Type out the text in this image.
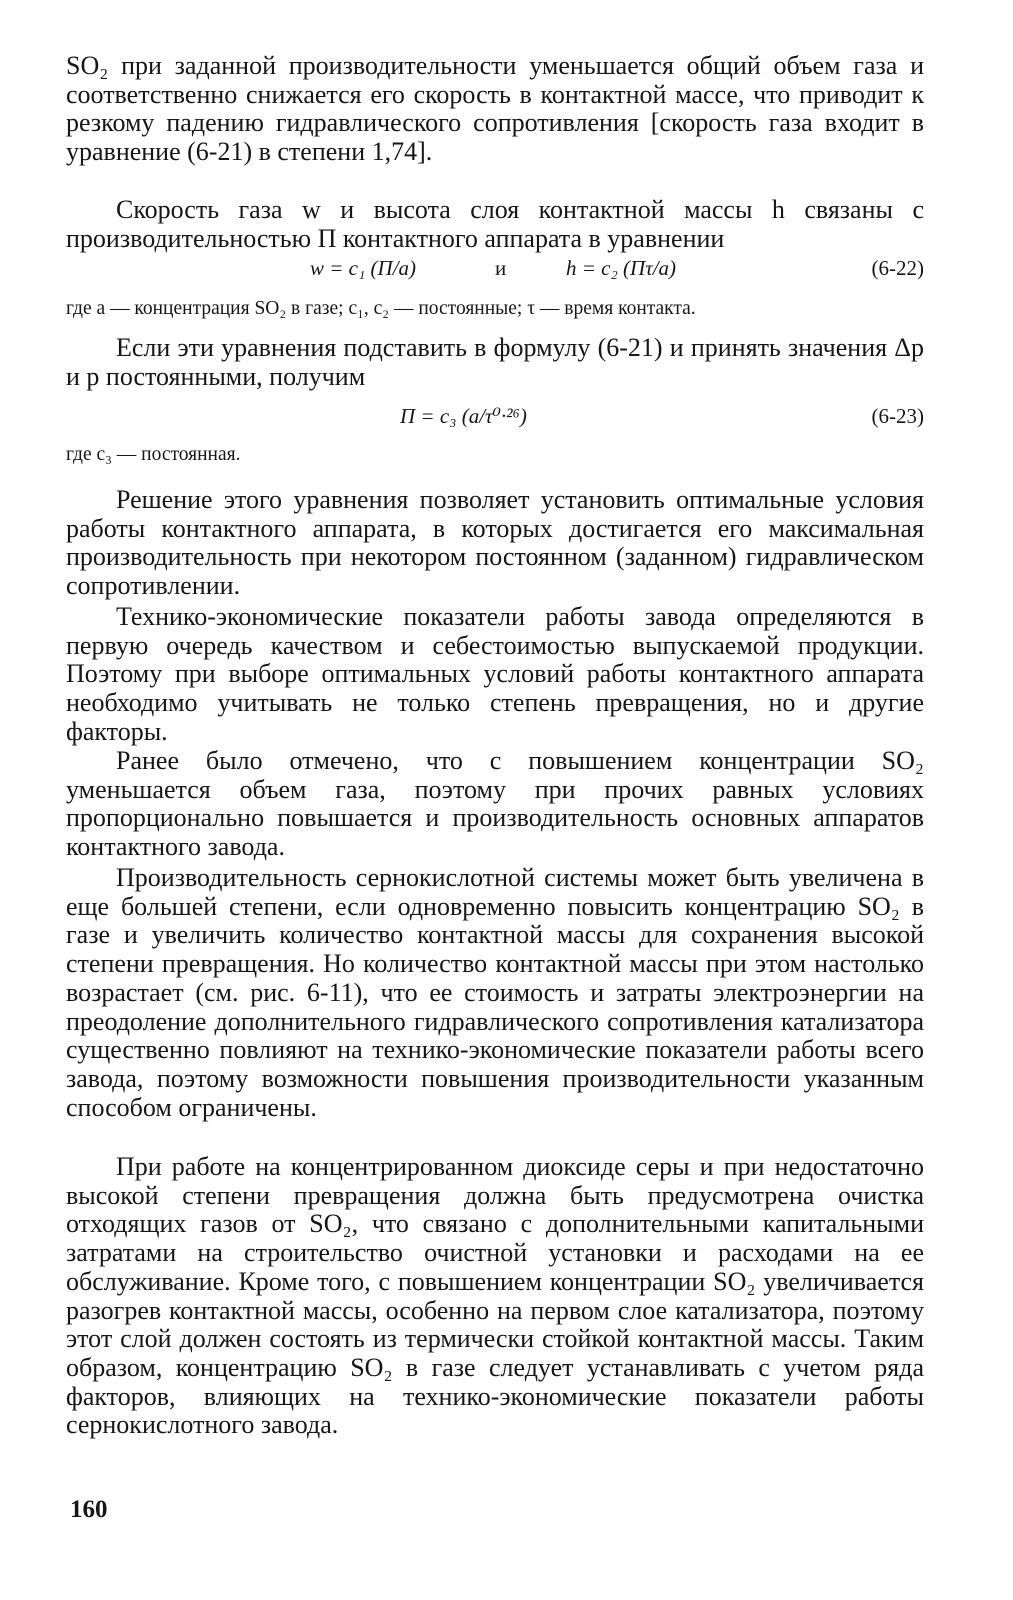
SO₂ при заданной производительности уменьшается общий объем газа и соответственно снижается его скорость в контактной массе, что приводит к резкому падению гидравлического сопротивления [скорость газа входит в уравнение (6-21) в степени 1,74].

Скорость газа w и высота слоя контактной массы h связаны с производительностью П контактного аппарата в уравнении

w = c₁ (П/a)	и	h = c₂ (Пτ/a)	(6-22)

где a — концентрация SO₂ в газе; c₁, c₂ — постоянные; τ — время контакта.

Если эти уравнения подставить в формулу (6-21) и принять значения Δp и p постоянными, получим

П = c₃ (a/τ⁰·²⁶)	(6-23)

где c₃ — постоянная.

Решение этого уравнения позволяет установить оптимальные условия работы контактного аппарата, в которых достигается его максимальная производительность при некотором постоянном (заданном) гидравлическом сопротивлении.

Технико-экономические показатели работы завода определяются в первую очередь качеством и себестоимостью выпускаемой продукции. Поэтому при выборе оптимальных условий работы контактного аппарата необходимо учитывать не только степень превращения, но и другие факторы.

Ранее было отмечено, что с повышением концентрации SO₂ уменьшается объем газа, поэтому при прочих равных условиях пропорционально повышается и производительность основных аппаратов контактного завода.

Производительность сернокислотной системы может быть увеличена в еще большей степени, если одновременно повысить концентрацию SO₂ в газе и увеличить количество контактной массы для сохранения высокой степени превращения. Но количество контактной массы при этом настолько возрастает (см. рис. 6-11), что ее стоимость и затраты электроэнергии на преодоление дополнительного гидравлического сопротивления катализатора существенно повлияют на технико-экономические показатели работы всего завода, поэтому возможности повышения производительности указанным способом ограничены.

При работе на концентрированном диоксиде серы и при недостаточно высокой степени превращения должна быть предусмотрена очистка отходящих газов от SO₂, что связано с дополнительными капитальными затратами на строительство очистной установки и расходами на ее обслуживание. Кроме того, с повышением концентрации SO₂ увеличивается разогрев контактной массы, особенно на первом слое катализатора, поэтому этот слой должен состоять из термически стойкой контактной массы. Таким образом, концентрацию SO₂ в газе следует устанавливать с учетом ряда факторов, влияющих на технико-экономические показатели работы сернокислотного завода.

160
